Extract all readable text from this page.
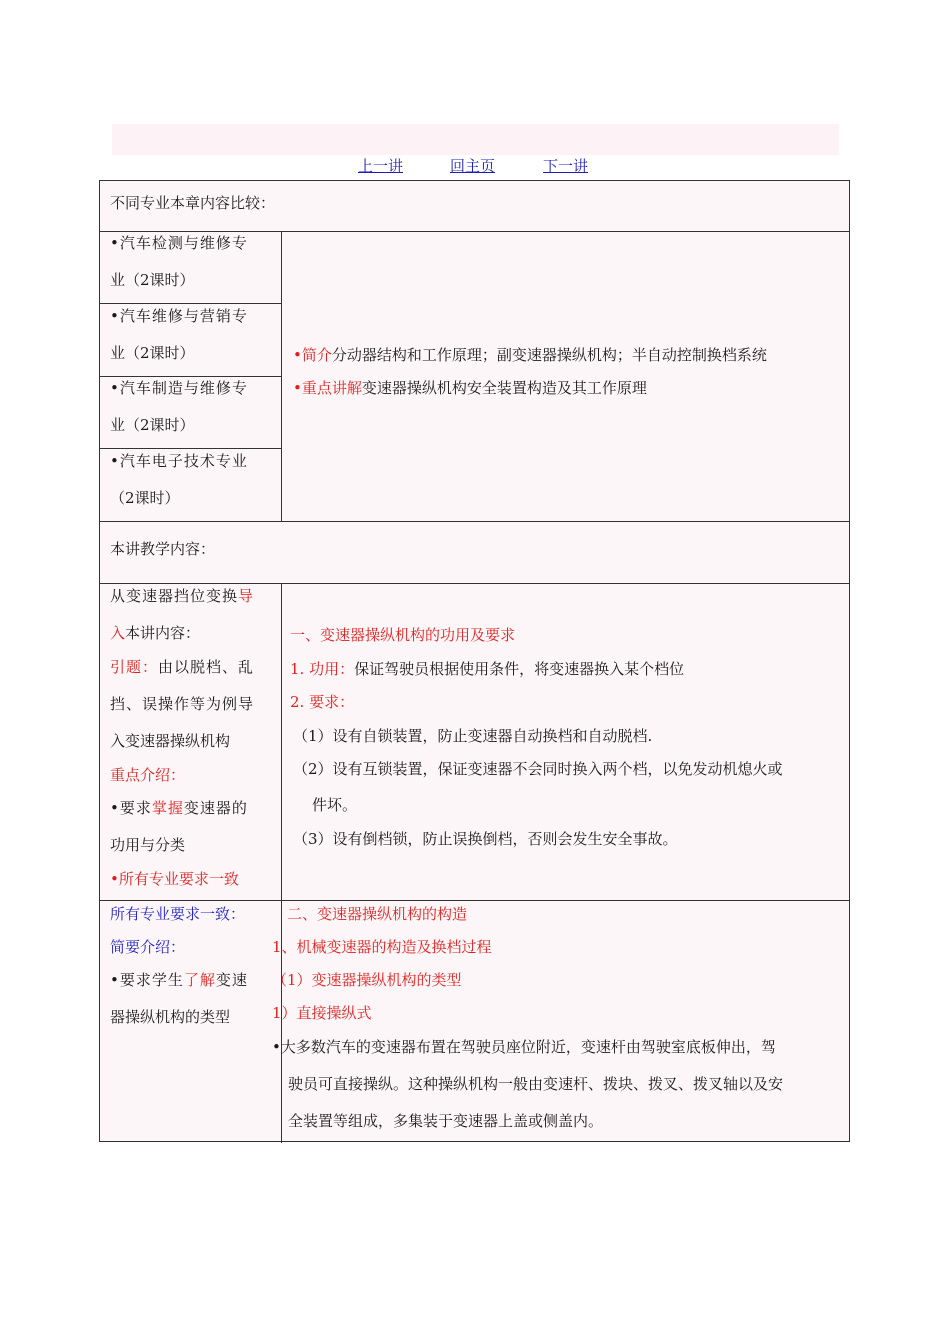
上一讲	回主页	下一讲
不同专业本章内容比较：
•汽车检测与维修专
业（2课时）
•汽车维修与营销专
业（2课时）
•汽车制造与维修专
业（2课时）
•汽车电子技术专业
（2课时）
•简介分动器结构和工作原理；副变速器操纵机构；半自动控制换档系统
•重点讲解变速器操纵机构安全装置构造及其工作原理
本讲教学内容：
从变速器挡位变换导
入本讲内容：
引题：由以脱档、乱
挡、误操作等为例导
入变速器操纵机构
重点介绍：
•要求掌握变速器的
功用与分类
•所有专业要求一致
一、变速器操纵机构的功用及要求
1. 功用：保证驾驶员根据使用条件，将变速器换入某个档位
2. 要求：
（1）设有自锁装置，防止变速器自动换档和自动脱档.
（2）设有互锁装置，保证变速器不会同时换入两个档，以免发动机熄火或
件坏。
（3）设有倒档锁，防止误换倒档，否则会发生安全事故。
所有专业要求一致：
简要介绍：
•要求学生了解变速
器操纵机构的类型
二、变速器操纵机构的构造
1、机械变速器的构造及换档过程
（1）变速器操纵机构的类型
1）直接操纵式
•大多数汽车的变速器布置在驾驶员座位附近，变速杆由驾驶室底板伸出，驾
驶员可直接操纵。这种操纵机构一般由变速杆、拨块、拨叉、拨叉轴以及安
全装置等组成，多集装于变速器上盖或侧盖内。
